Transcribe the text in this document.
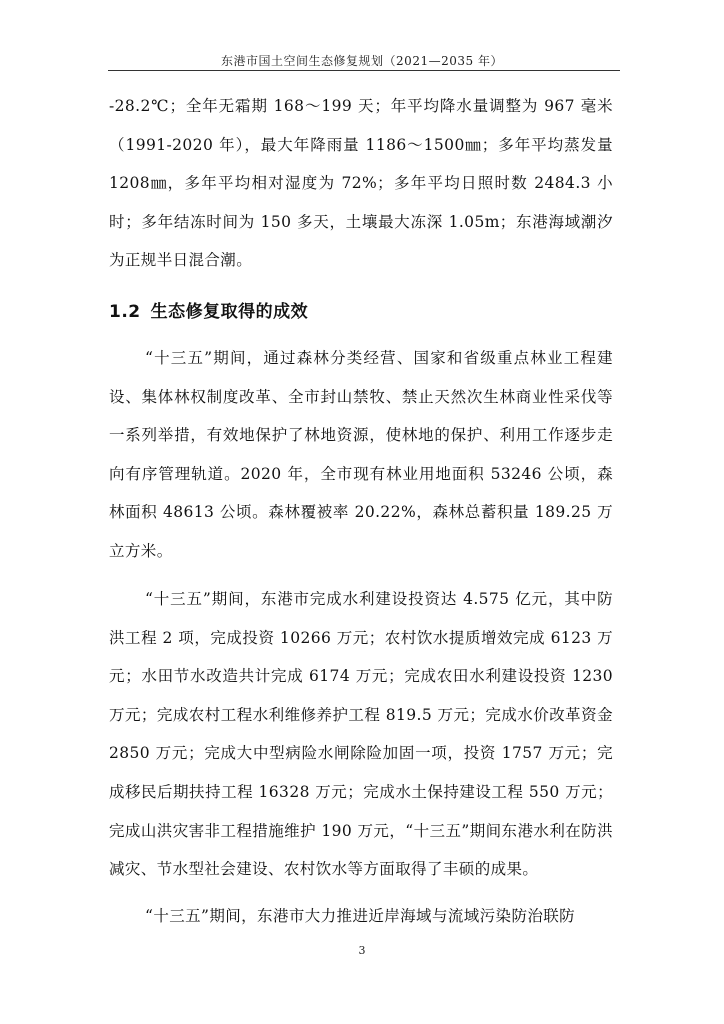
东港市国土空间生态修复规划（2021—2035 年）

-28.2℃；全年无霜期 168～199 天；年平均降水量调整为 967 毫米（1991-2020 年），最大年降雨量 1186～1500㎜；多年平均蒸发量 1208㎜，多年平均相对湿度为 72%；多年平均日照时数 2484.3 小时；多年结冻时间为 150 多天，土壤最大冻深 1.05m；东港海域潮汐为正规半日混合潮。

1.2 生态修复取得的成效

“十三五”期间，通过森林分类经营、国家和省级重点林业工程建设、集体林权制度改革、全市封山禁牧、禁止天然次生林商业性采伐等一系列举措，有效地保护了林地资源，使林地的保护、利用工作逐步走向有序管理轨道。2020 年，全市现有林业用地面积 53246 公顷，森林面积 48613 公顷。森林覆被率 20.22%，森林总蓄积量 189.25 万立方米。

“十三五”期间，东港市完成水利建设投资达 4.575 亿元，其中防洪工程 2 项，完成投资 10266 万元；农村饮水提质增效完成 6123 万元；水田节水改造共计完成 6174 万元；完成农田水利建设投资 1230 万元；完成农村工程水利维修养护工程 819.5 万元；完成水价改革资金 2850 万元；完成大中型病险水闸除险加固一项，投资 1757 万元；完成移民后期扶持工程 16328 万元；完成水土保持建设工程 550 万元；完成山洪灾害非工程措施维护 190 万元，“十三五”期间东港水利在防洪减灾、节水型社会建设、农村饮水等方面取得了丰硕的成果。

“十三五”期间，东港市大力推进近岸海域与流域污染防治联防

3
